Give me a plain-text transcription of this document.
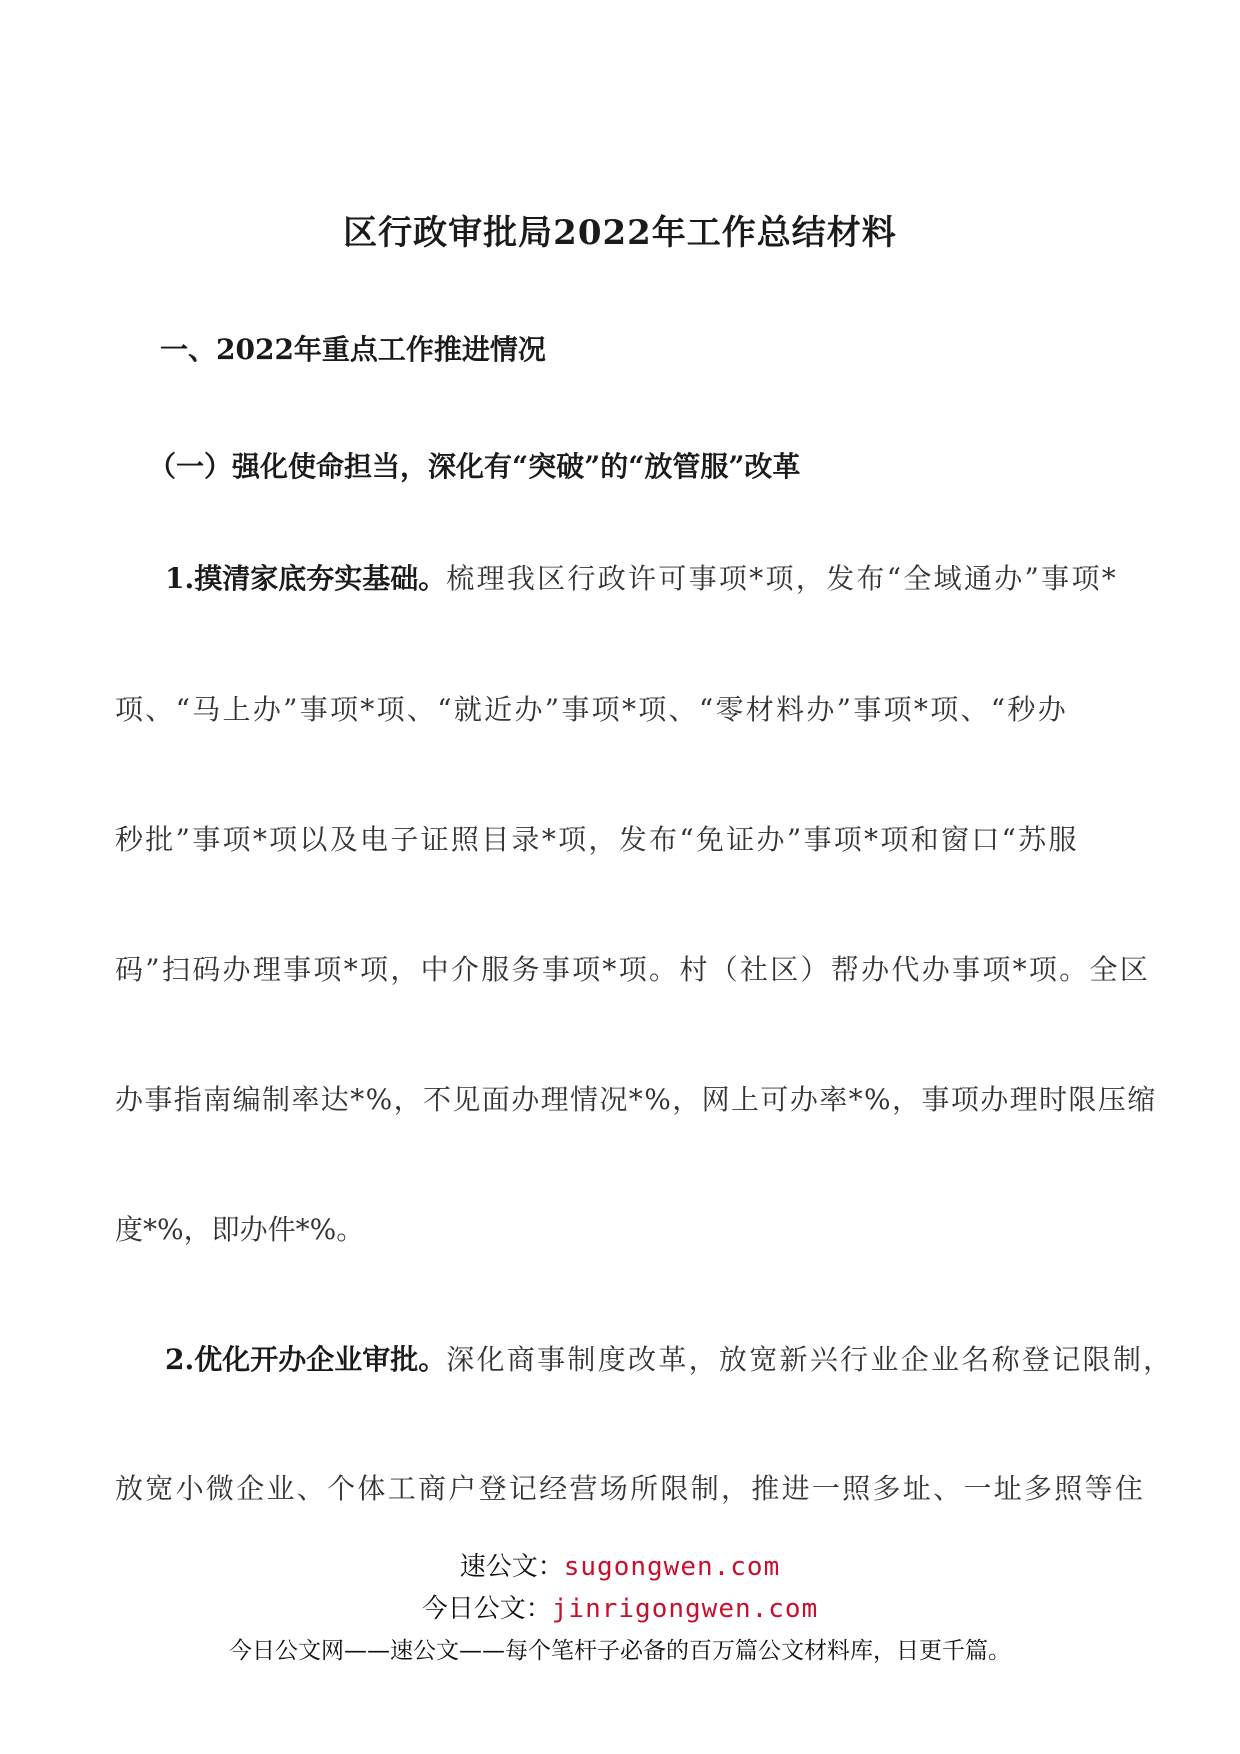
区行政审批局2022年工作总结材料
一、2022年重点工作推进情况
（一）强化使命担当，深化有“突破”的“放管服”改革
1.摸清家底夯实基础。梳理我区行政许可事项*项，发布“全域通办”事项*
项、“马上办”事项*项、“就近办”事项*项、“零材料办”事项*项、“秒办
秒批”事项*项以及电子证照目录*项，发布“免证办”事项*项和窗口“苏服
码”扫码办理事项*项，中介服务事项*项。村（社区）帮办代办事项*项。全区
办事指南编制率达*%，不见面办理情况*%，网上可办率*%，事项办理时限压缩
度*%，即办件*%。
2.优化开办企业审批。深化商事制度改革，放宽新兴行业企业名称登记限制，
放宽小微企业、个体工商户登记经营场所限制，推进一照多址、一址多照等住
速公文：sugongwen.com
今日公文：jinrigongwen.com
今日公文网——速公文——每个笔杆子必备的百万篇公文材料库，日更千篇。
